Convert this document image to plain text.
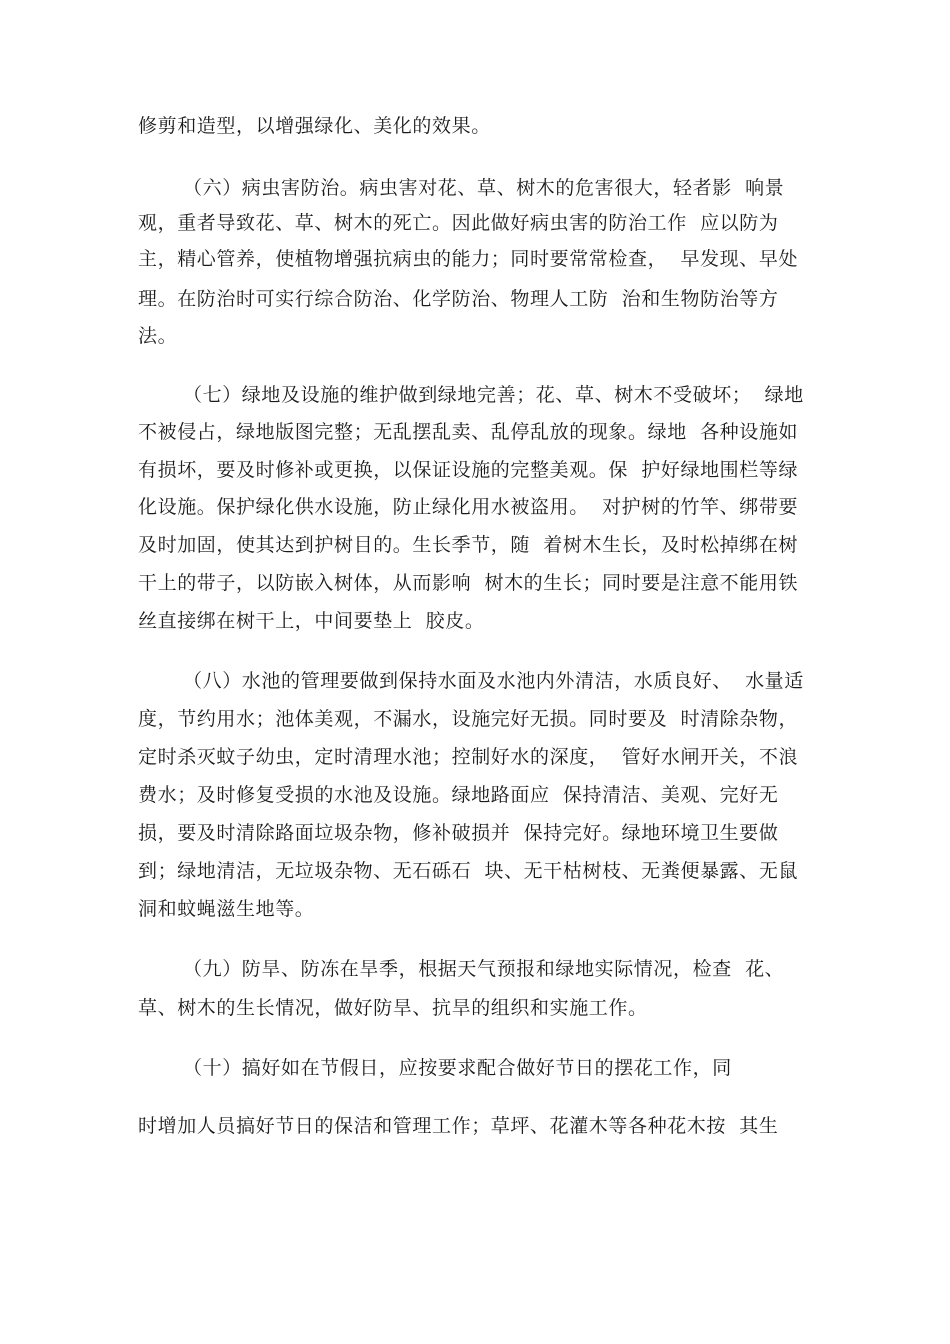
修剪和造型，以增强绿化、美化的效果。
（六）病虫害防治。病虫害对花、草、树木的危害很大，轻者影  响景
观，重者导致花、草、树木的死亡。因此做好病虫害的防治工作  应以防为
主，精心管养，使植物增强抗病虫的能力；同时要常常检查，  早发现、早处
理。在防治时可实行综合防治、化学防治、物理人工防  治和生物防治等方
法。
（七）绿地及设施的维护做到绿地完善；花、草、树木不受破坏；  绿地
不被侵占，绿地版图完整；无乱摆乱卖、乱停乱放的现象。绿地  各种设施如
有损坏，要及时修补或更换，以保证设施的完整美观。保  护好绿地围栏等绿
化设施。保护绿化供水设施，防止绿化用水被盗用。  对护树的竹竿、绑带要
及时加固，使其达到护树目的。生长季节，随  着树木生长，及时松掉绑在树
干上的带子，以防嵌入树体，从而影响  树木的生长；同时要是注意不能用铁
丝直接绑在树干上，中间要垫上  胶皮。
（八）水池的管理要做到保持水面及水池内外清洁，水质良好、  水量适
度，节约用水；池体美观，不漏水，设施完好无损。同时要及  时清除杂物，
定时杀灭蚊子幼虫，定时清理水池；控制好水的深度，  管好水闸开关，不浪
费水；及时修复受损的水池及设施。绿地路面应  保持清洁、美观、完好无
损，要及时清除路面垃圾杂物，修补破损并  保持完好。绿地环境卫生要做
到；绿地清洁，无垃圾杂物、无石砾石  块、无干枯树枝、无粪便暴露、无鼠
洞和蚊蝇滋生地等。
（九）防旱、防冻在旱季，根据天气预报和绿地实际情况，检查  花、
草、树木的生长情况，做好防旱、抗旱的组织和实施工作。
（十）搞好如在节假日，应按要求配合做好节日的摆花工作，同
时增加人员搞好节日的保洁和管理工作；草坪、花灌木等各种花木按  其生
